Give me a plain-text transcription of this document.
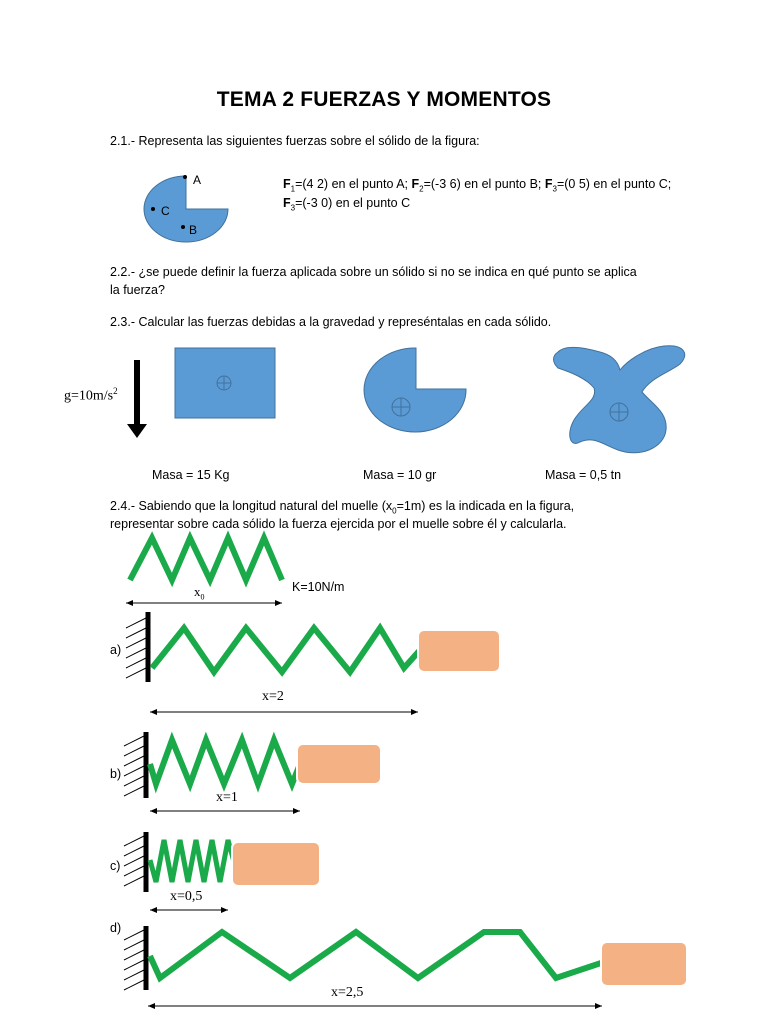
TEMA 2 FUERZAS Y MOMENTOS
2.1.- Representa las siguientes fuerzas sobre el sólido de la figura:
$F_1=(4$ 2) en el punto A; $F_2=(-3$ 6) en el punto B; $F_3=(0$ 5) en el punto C;
$F_3=(-3$ 0) en el punto C
2.2.- ¿se puede definir la fuerza aplicada sobre un sólido si no se indica en qué punto se aplica
la fuerza?
2.3.- Calcular las fuerzas debidas a la gravedad y represéntalas en cada sólido.
$g=10m/s^2$
Masa = 15 Kg	Masa = 10 gr	Masa = 0,5 tn
2.4.- Sabiendo que la longitud natural del muelle $(x_0=1m)$ es la indicada en la figura,
representar sobre cada sólido la fuerza ejercida por el muelle sobre él y calcularla.
$x_0$
K=10N/m
a)
b)
c)
d)
x=2
x=1
x=0,5
x=2,5
A
C
B
